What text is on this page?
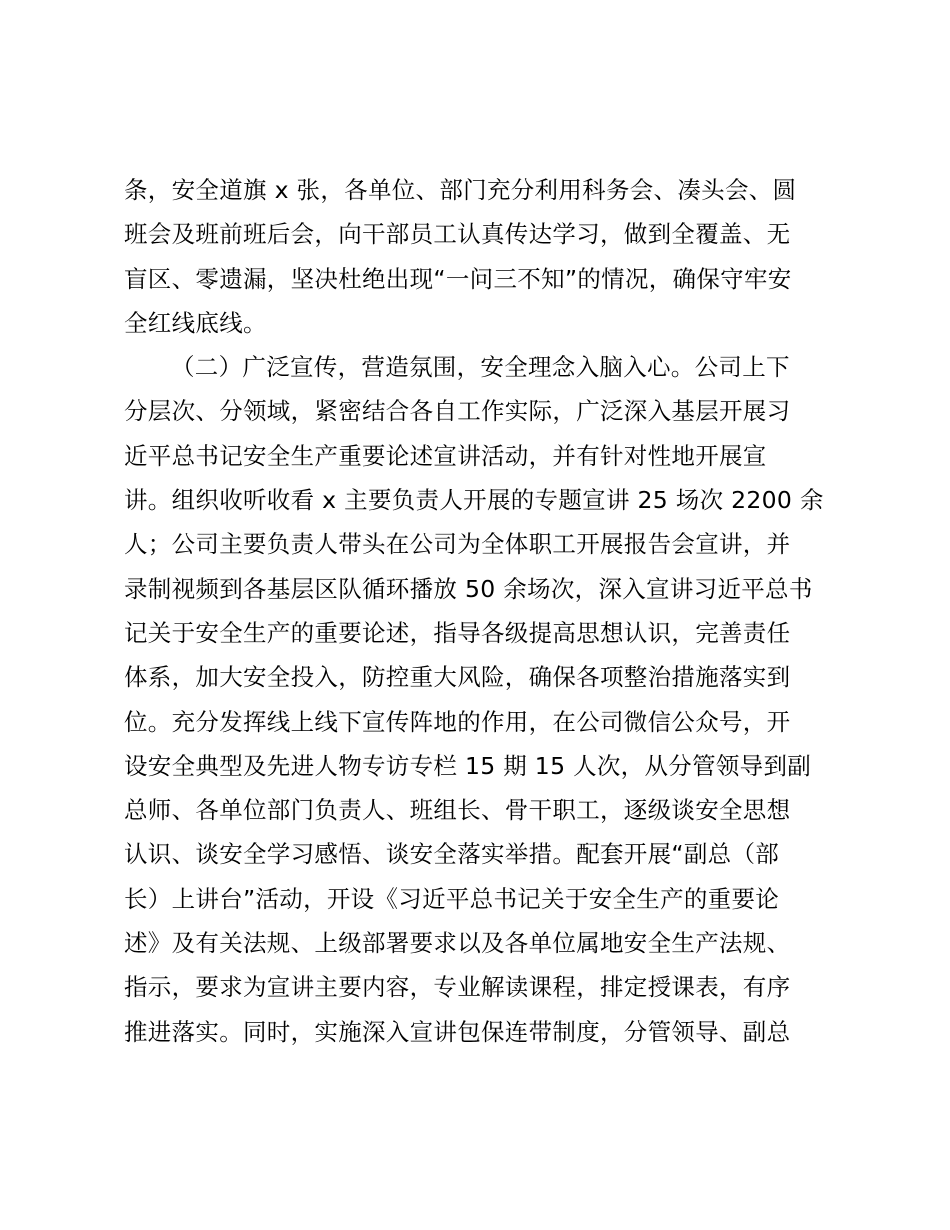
条，安全道旗 x 张，各单位、部门充分利用科务会、凑头会、圆
班会及班前班后会，向干部员工认真传达学习，做到全覆盖、无
盲区、零遗漏，坚决杜绝出现“一问三不知”的情况，确保守牢安
全红线底线。
（二）广泛宣传，营造氛围，安全理念入脑入心。公司上下
分层次、分领域，紧密结合各自工作实际，广泛深入基层开展习
近平总书记安全生产重要论述宣讲活动，并有针对性地开展宣
讲。组织收听收看 x 主要负责人开展的专题宣讲 25 场次 2200 余
人；公司主要负责人带头在公司为全体职工开展报告会宣讲，并
录制视频到各基层区队循环播放 50 余场次，深入宣讲习近平总书
记关于安全生产的重要论述，指导各级提高思想认识，完善责任
体系，加大安全投入，防控重大风险，确保各项整治措施落实到
位。充分发挥线上线下宣传阵地的作用，在公司微信公众号，开
设安全典型及先进人物专访专栏 15 期 15 人次，从分管领导到副
总师、各单位部门负责人、班组长、骨干职工，逐级谈安全思想
认识、谈安全学习感悟、谈安全落实举措。配套开展“副总（部
长）上讲台”活动，开设《习近平总书记关于安全生产的重要论
述》及有关法规、上级部署要求以及各单位属地安全生产法规、
指示，要求为宣讲主要内容，专业解读课程，排定授课表，有序
推进落实。同时，实施深入宣讲包保连带制度，分管领导、副总
